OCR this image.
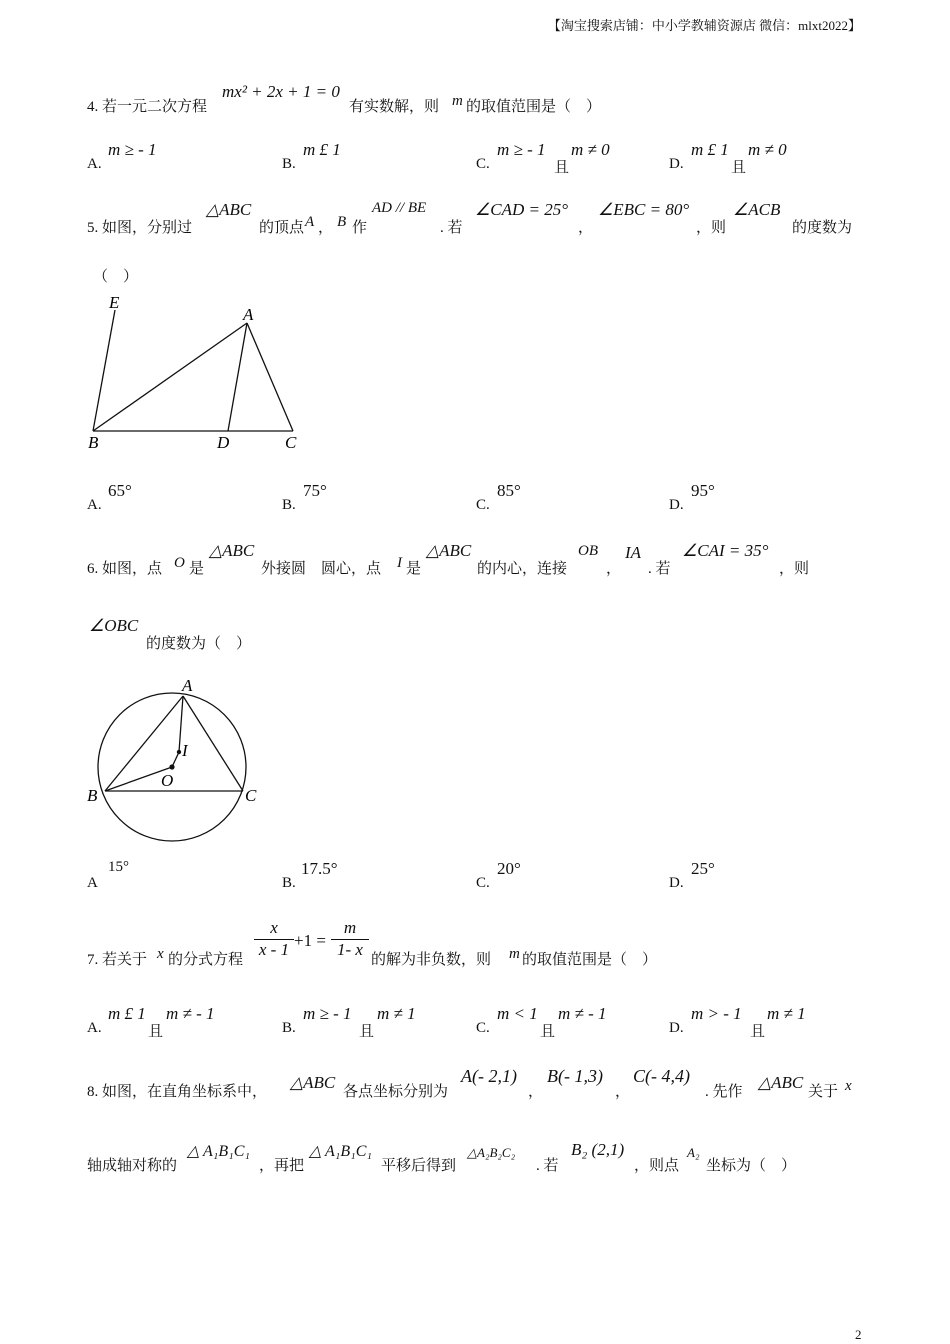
【淘宝搜索店铺：中小学教辅资源店 微信：mlxt2022】
4. 若一元二次方程
mx² + 2x + 1 = 0
有实数解，则 m 的取值范围是（　）
A.
m ≥ - 1
B.
m £ 1
C.
m ≥ - 1
且
m ≠ 0
D.
m £ 1
且
m ≠ 0
5. 如图，分别过
△ABC
的顶点 A ， B 作
AD // BE
. 若
∠CAD = 25°
，
∠EBC = 80°
，则
∠ACB
的度数为
（　）
E
A
B	D	C
A.
65°
B.
75°
C.
85°
D.
95°
6. 如图，点 O 是
△ABC
外接圆　圆心，点 I 是
△ABC
的内心，连接
OB
，
IA
. 若
∠CAI = 35°
，则
∠OBC
的度数为（　）
A
I
O
B	C
A
15°
B.
17.5°
C.
20°
D.
25°
7. 若关于 x 的分式方程
x
x - 1 +1 =
m
1- x
的解为非负数，则 m 的取值范围是（　）
A.
m £ 1
且
m ≠ - 1
B.
m ≥ - 1
且
m ≠ 1
C.
m < 1
且
m ≠ - 1
D.
m > - 1
且
m ≠ 1
8. 如图，在直角坐标系中， △ABC 各点坐标分别为
A(- 2,1)
，
B(- 1,3)
，
C(- 4,4)
. 先作 △ABC 关于 x
轴成轴对称的
△ A₁B₁C₁
，再把
△ A₁B₁C₁
平移后得到
△A₂B₂C₂
. 若
B₂ (2,1)
，则点
A₂
坐标为（　）
2
